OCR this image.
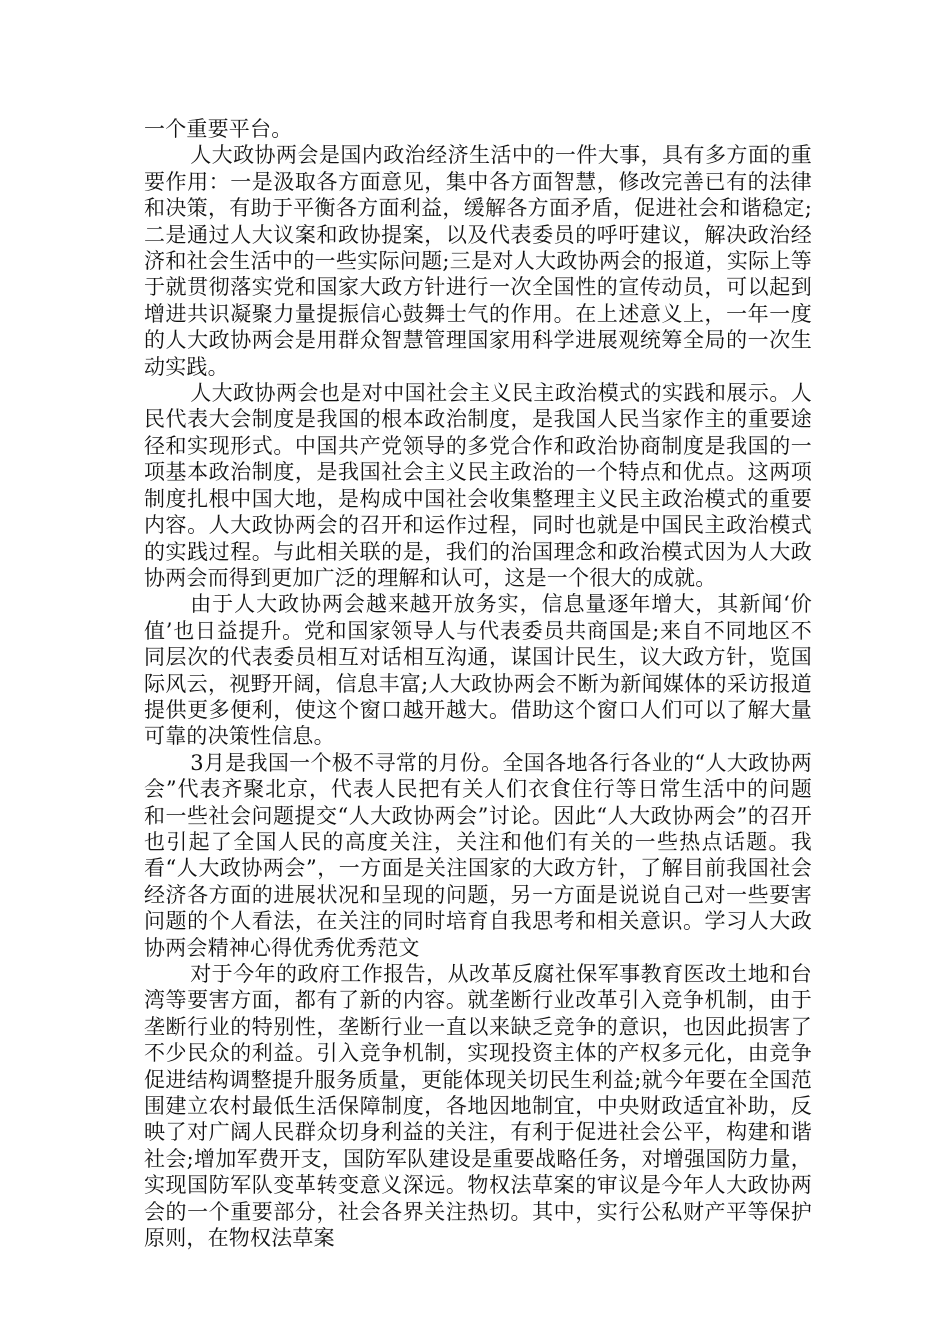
一个重要平台。

人大政协两会是国内政治经济生活中的一件大事，具有多方面的重要作用：一是汲取各方面意见，集中各方面智慧，修改完善已有的法律和决策，有助于平衡各方面利益，缓解各方面矛盾，促进社会和谐稳定;二是通过人大议案和政协提案，以及代表委员的呼吁建议，解决政治经济和社会生活中的一些实际问题;三是对人大政协两会的报道，实际上等于就贯彻落实党和国家大政方针进行一次全国性的宣传动员，可以起到增进共识凝聚力量提振信心鼓舞士气的作用。在上述意义上，一年一度的人大政协两会是用群众智慧管理国家用科学进展观统筹全局的一次生动实践。

人大政协两会也是对中国社会主义民主政治模式的实践和展示。人民代表大会制度是我国的根本政治制度，是我国人民当家作主的重要途径和实现形式。中国共产党领导的多党合作和政治协商制度是我国的一项基本政治制度，是我国社会主义民主政治的一个特点和优点。这两项制度扎根中国大地，是构成中国社会收集整理主义民主政治模式的重要内容。人大政协两会的召开和运作过程，同时也就是中国民主政治模式的实践过程。与此相关联的是，我们的治国理念和政治模式因为人大政协两会而得到更加广泛的理解和认可，这是一个很大的成就。

由于人大政协两会越来越开放务实，信息量逐年增大，其新闻‘价值’也日益提升。党和国家领导人与代表委员共商国是;来自不同地区不同层次的代表委员相互对话相互沟通，谋国计民生，议大政方针，览国际风云，视野开阔，信息丰富;人大政协两会不断为新闻媒体的采访报道提供更多便利，使这个窗口越开越大。借助这个窗口人们可以了解大量可靠的决策性信息。

3月是我国一个极不寻常的月份。全国各地各行各业的“人大政协两会”代表齐聚北京，代表人民把有关人们衣食住行等日常生活中的问题和一些社会问题提交“人大政协两会”讨论。因此“人大政协两会”的召开也引起了全国人民的高度关注，关注和他们有关的一些热点话题。我看“人大政协两会”，一方面是关注国家的大政方针，了解目前我国社会经济各方面的进展状况和呈现的问题，另一方面是说说自己对一些要害问题的个人看法，在关注的同时培育自我思考和相关意识。学习人大政协两会精神心得优秀优秀范文

对于今年的政府工作报告，从改革反腐社保军事教育医改土地和台湾等要害方面，都有了新的内容。就垄断行业改革引入竞争机制，由于垄断行业的特别性，垄断行业一直以来缺乏竞争的意识，也因此损害了不少民众的利益。引入竞争机制，实现投资主体的产权多元化，由竞争促进结构调整提升服务质量，更能体现关切民生利益;就今年要在全国范围建立农村最低生活保障制度，各地因地制宜，中央财政适宜补助，反映了对广阔人民群众切身利益的关注，有利于促进社会公平，构建和谐社会;增加军费开支，国防军队建设是重要战略任务，对增强国防力量，实现国防军队变革转变意义深远。物权法草案的审议是今年人大政协两会的一个重要部分，社会各界关注热切。其中，实行公私财产平等保护原则，在物权法草案
